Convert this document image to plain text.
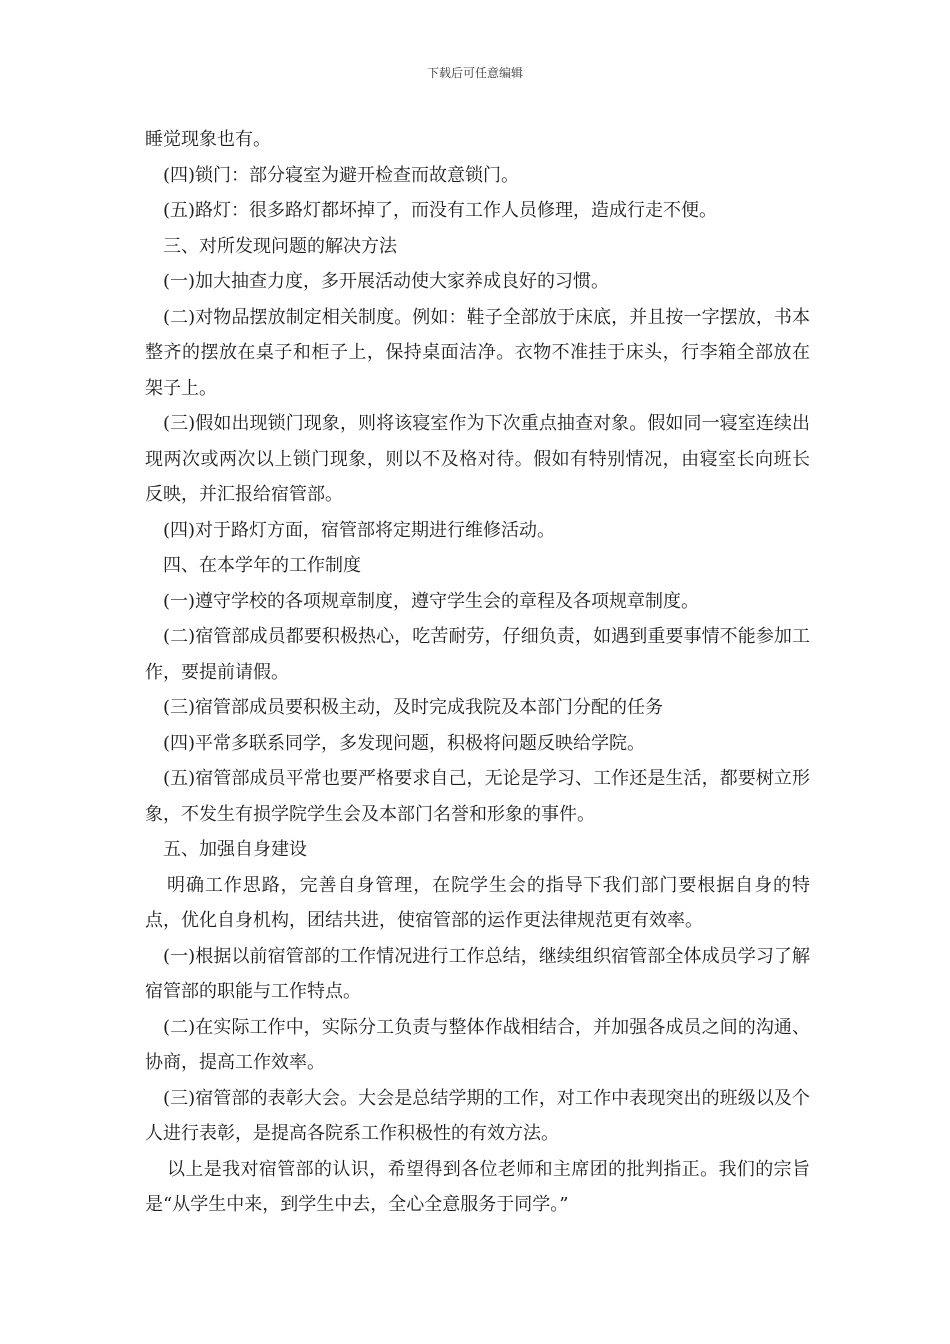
下载后可任意编辑

睡觉现象也有。

(四)锁门：部分寝室为避开检查而故意锁门。

(五)路灯：很多路灯都坏掉了，而没有工作人员修理，造成行走不便。

三、对所发现问题的解决方法

(一)加大抽查力度，多开展活动使大家养成良好的习惯。

(二)对物品摆放制定相关制度。例如：鞋子全部放于床底，并且按一字摆放，书本整齐的摆放在桌子和柜子上，保持桌面洁净。衣物不准挂于床头，行李箱全部放在架子上。

(三)假如出现锁门现象，则将该寝室作为下次重点抽查对象。假如同一寝室连续出现两次或两次以上锁门现象，则以不及格对待。假如有特别情况，由寝室长向班长反映，并汇报给宿管部。

(四)对于路灯方面，宿管部将定期进行维修活动。

四、在本学年的工作制度

(一)遵守学校的各项规章制度，遵守学生会的章程及各项规章制度。

(二)宿管部成员都要积极热心，吃苦耐劳，仔细负责，如遇到重要事情不能参加工作，要提前请假。

(三)宿管部成员要积极主动，及时完成我院及本部门分配的任务

(四)平常多联系同学，多发现问题，积极将问题反映给学院。

(五)宿管部成员平常也要严格要求自己，无论是学习、工作还是生活，都要树立形象，不发生有损学院学生会及本部门名誉和形象的事件。

五、加强自身建设

明确工作思路，完善自身管理，在院学生会的指导下我们部门要根据自身的特点，优化自身机构，团结共进，使宿管部的运作更法律规范更有效率。

(一)根据以前宿管部的工作情况进行工作总结，继续组织宿管部全体成员学习了解宿管部的职能与工作特点。

(二)在实际工作中，实际分工负责与整体作战相结合，并加强各成员之间的沟通、协商，提高工作效率。

(三)宿管部的表彰大会。大会是总结学期的工作，对工作中表现突出的班级以及个人进行表彰，是提高各院系工作积极性的有效方法。

以上是我对宿管部的认识，希望得到各位老师和主席团的批判指正。我们的宗旨是“从学生中来，到学生中去，全心全意服务于同学。”
